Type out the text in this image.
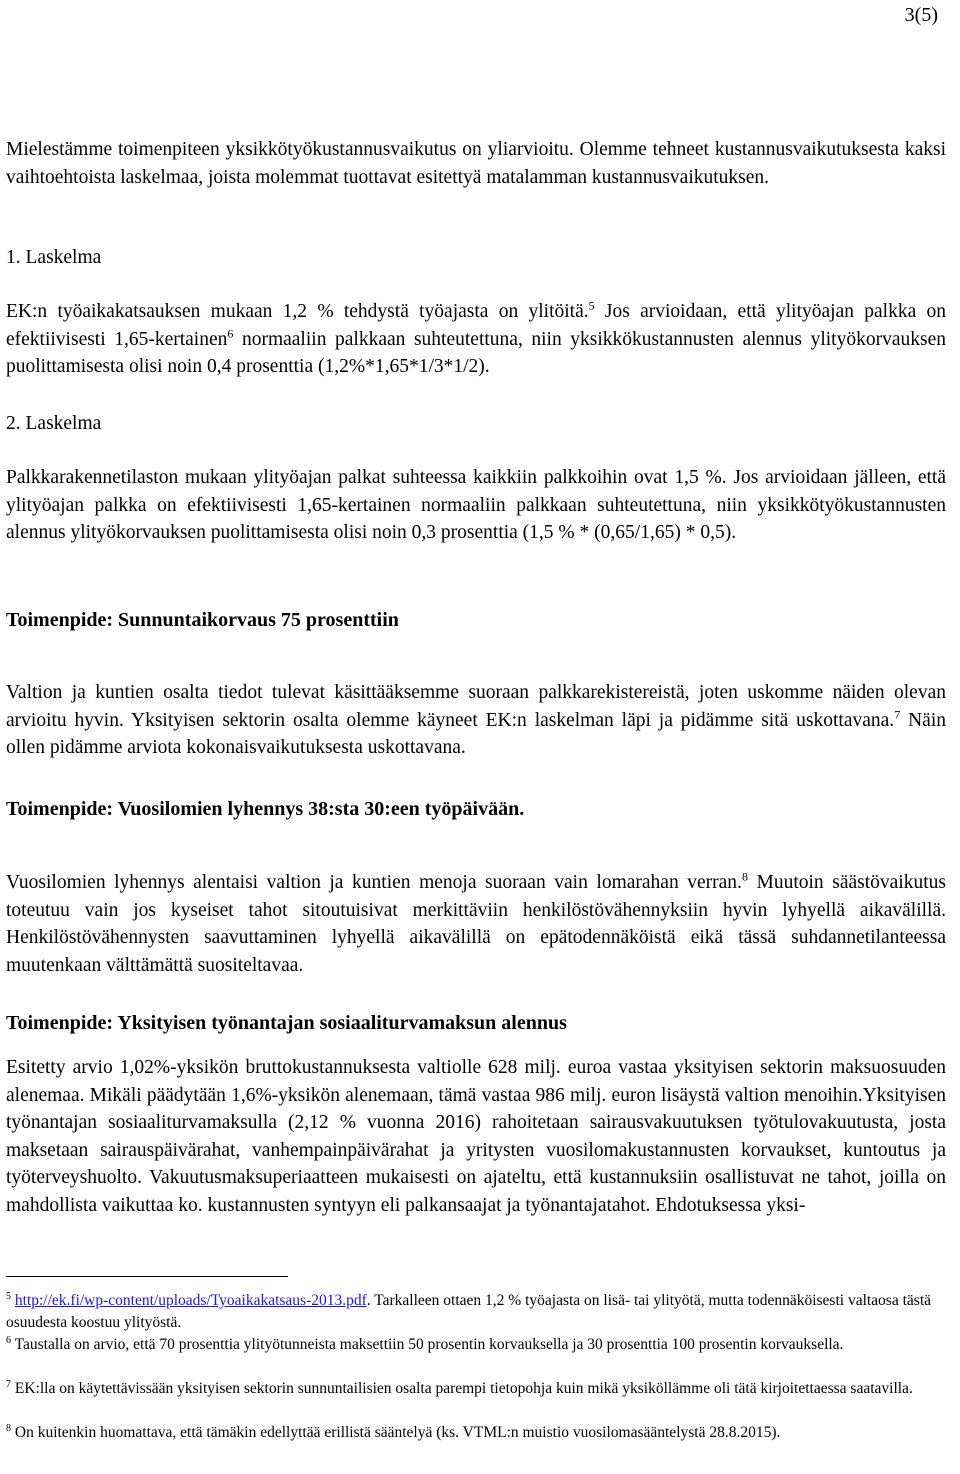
3(5)

Mielestämme toimenpiteen yksikkötyökustannusvaikutus on yliarvioitu. Olemme tehneet kustannusvaikutuksesta kaksi vaihtoehtoista laskelmaa, joista molemmat tuottavat esitettyä matalamman kustannusvaikutuksen.

1. Laskelma

EK:n työaikakatsauksen mukaan 1,2 % tehdystä työajasta on ylitöitä.$^5$ Jos arvioidaan, että ylityöajan palkka on efektiivisesti 1,65-kertainen$^6$ normaaliin palkkaan suhteutettuna, niin yksikkökustannusten alennus ylityökorvauksen puolittamisesta olisi noin 0,4 prosenttia (1,2%*1,65*1/3*1/2).

2. Laskelma

Palkkarakennetilaston mukaan ylityöajan palkat suhteessa kaikkiin palkkoihin ovat 1,5 %. Jos arvioidaan jälleen, että ylityöajan palkka on efektiivisesti 1,65-kertainen normaaliin palkkaan suhteutettuna, niin yksikkötyökustannusten alennus ylityökorvauksen puolittamisesta olisi noin 0,3 prosenttia (1,5 % * (0,65/1,65) * 0,5).

Toimenpide: Sunnuntaikorvaus 75 prosenttiin

Valtion ja kuntien osalta tiedot tulevat käsittääksemme suoraan palkkarekistereistä, joten uskomme näiden olevan arvioitu hyvin. Yksityisen sektorin osalta olemme käyneet EK:n laskelman läpi ja pidämme sitä uskottavana.$^7$ Näin ollen pidämme arviota kokonaisvaikutuksesta uskottavana.

Toimenpide: Vuosilomien lyhennys 38:sta 30:een työpäivään.

Vuosilomien lyhennys alentaisi valtion ja kuntien menoja suoraan vain lomarahan verran.$^8$ Muutoin säästövaikutus toteutuu vain jos kyseiset tahot sitoutuisivat merkittäviin henkilöstövähennyksiin hyvin lyhyellä aikavälillä. Henkilöstövähennysten saavuttaminen lyhyellä aikavälillä on epätodennäköistä eikä tässä suhdannetilanteessa muutenkaan välttämättä suositeltavaa.

Toimenpide: Yksityisen työnantajan sosiaaliturvamaksun alennus

Esitetty arvio 1,02%-yksikön bruttokustannuksesta valtiolle 628 milj. euroa vastaa yksityisen sektorin maksuosuuden alenemaa. Mikäli päädytään 1,6%-yksikön alenemaan, tämä vastaa 986 milj. euron lisäystä valtion menoihin.Yksityisen työnantajan sosiaaliturvamaksulla (2,12 % vuonna 2016) rahoitetaan sairausvakuutuksen työtulovakuutusta, josta maksetaan sairauspäivärahat, vanhempainpäivärahat ja yritysten vuosilomakustannusten korvaukset, kuntoutus ja työterveyshuolto. Vakuutusmaksuperiaatteen mukaisesti on ajateltu, että kustannuksiin osallistuvat ne tahot, joilla on mahdollista vaikuttaa ko. kustannusten syntyyn eli palkansaajat ja työnantajatahot. Ehdotuksessa yksi-

$^5$ http://ek.fi/wp-content/uploads/Tyoaikakatsaus-2013.pdf. Tarkalleen ottaen 1,2 % työajasta on lisä- tai ylityötä, mutta todennäköisesti valtaosa tästä osuudesta koostuu ylityöstä.
$^6$ Taustalla on arvio, että 70 prosenttia ylityötunneista maksettiin 50 prosentin korvauksella ja 30 prosenttia 100 prosentin korvauksella.
$^7$ EK:lla on käytettävissään yksityisen sektorin sunnuntailisien osalta parempi tietopohja kuin mikä yksiköllämme oli tätä kirjoitettaessa saatavilla.
$^8$ On kuitenkin huomattava, että tämäkin edellyttää erillistä sääntelyä (ks. VTML:n muistio vuosilomasääntelystä 28.8.2015).
